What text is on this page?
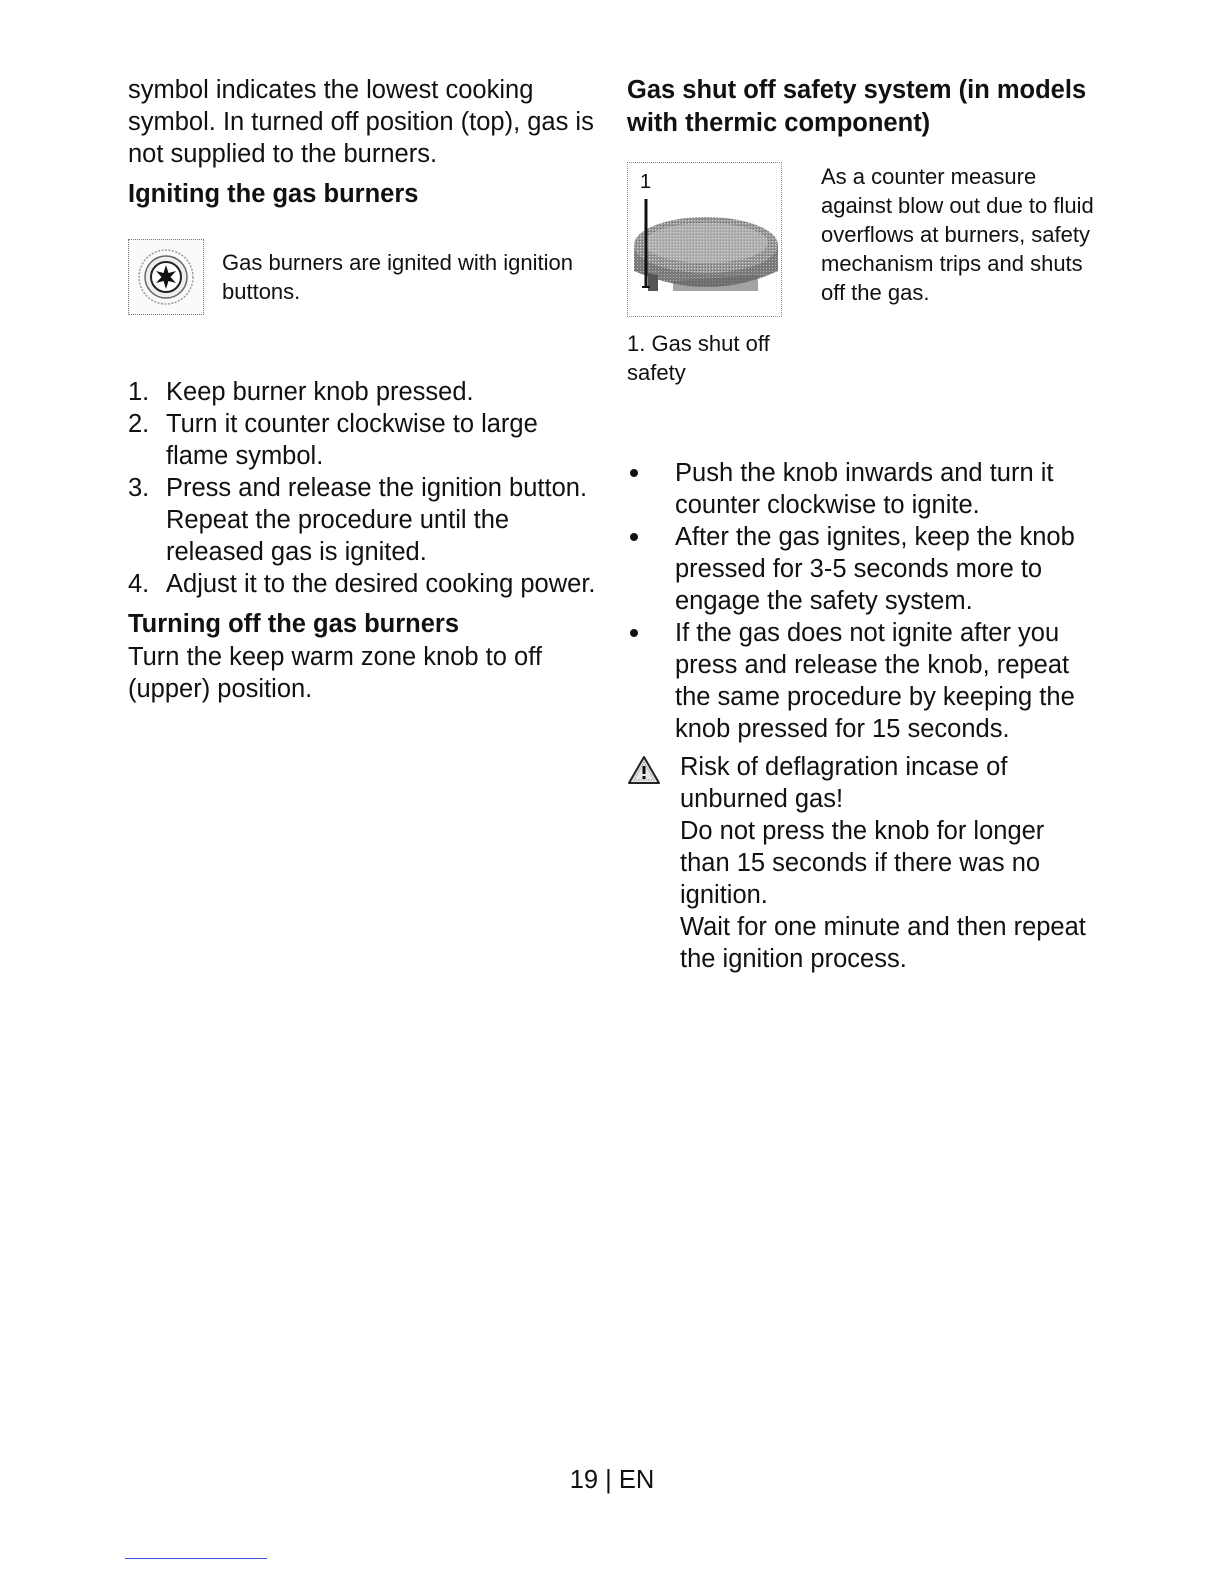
symbol indicates the lowest cooking symbol. In turned off position (top), gas is not supplied to the burners.

Igniting the gas burners

Gas burners are ignited with ignition buttons.

1. Keep burner knob pressed.
2. Turn it counter clockwise to large flame symbol.
3. Press and release the ignition button. Repeat the procedure until the released gas is ignited.
4. Adjust it to the desired cooking power.
Turning off the gas burners

Turn the keep warm zone knob to off (upper) position.

Gas shut off safety system (in models with thermic component)
1

1. Gas shut off safety

As a counter measure against blow out due to fluid overflows at burners, safety mechanism trips and shuts off the gas.

Push the knob inwards and turn it counter clockwise to ignite.
After the gas ignites, keep the knob pressed for 3-5 seconds more to engage the safety system.
If the gas does not ignite after you press and release the knob, repeat the same procedure by keeping the knob pressed for 15 seconds.

Risk of deflagration incase of unburned gas!

Do not press the knob for longer than 15 seconds if there was no ignition.

Wait for one minute and then repeat the ignition process.

19 | EN
